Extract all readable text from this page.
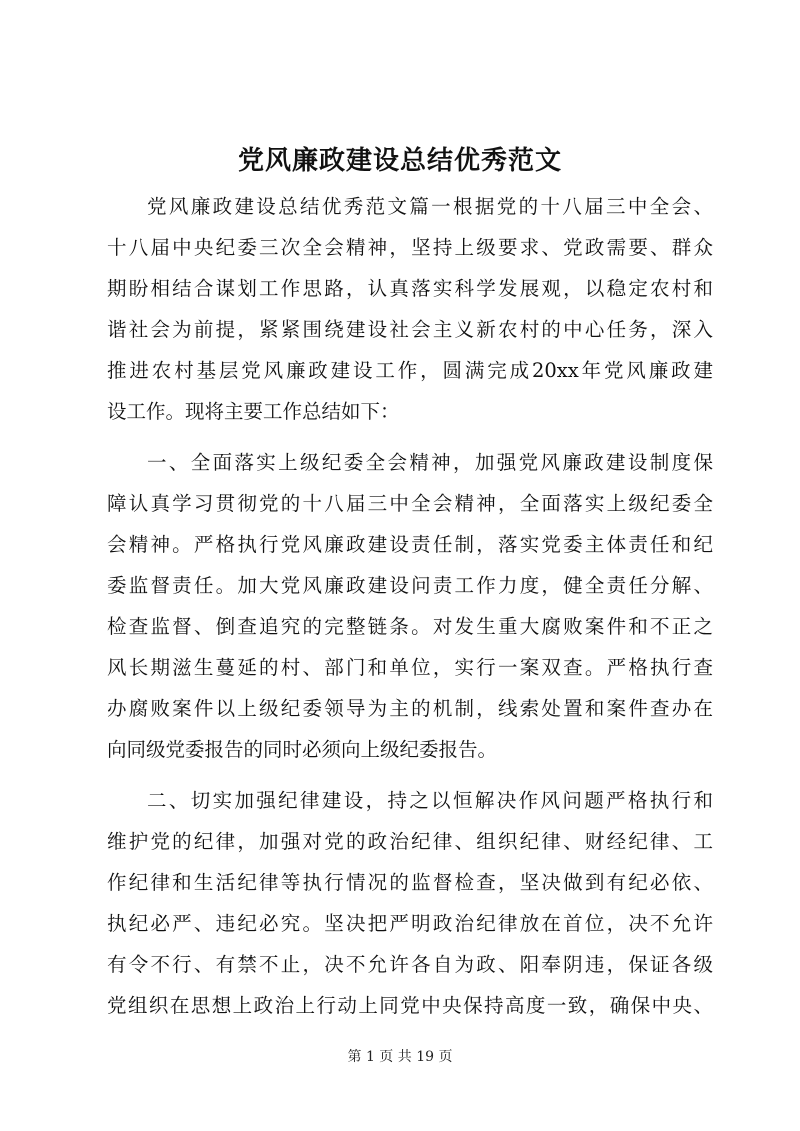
党风廉政建设总结优秀范文

党风廉政建设总结优秀范文篇一根据党的十八届三中全会、
十八届中央纪委三次全会精神，坚持上级要求、党政需要、群众
期盼相结合谋划工作思路，认真落实科学发展观，以稳定农村和
谐社会为前提，紧紧围绕建设社会主义新农村的中心任务，深入
推进农村基层党风廉政建设工作，圆满完成20xx年党风廉政建
设工作。现将主要工作总结如下：

一、全面落实上级纪委全会精神，加强党风廉政建设制度保
障认真学习贯彻党的十八届三中全会精神，全面落实上级纪委全
会精神。严格执行党风廉政建设责任制，落实党委主体责任和纪
委监督责任。加大党风廉政建设问责工作力度，健全责任分解、
检查监督、倒查追究的完整链条。对发生重大腐败案件和不正之
风长期滋生蔓延的村、部门和单位，实行一案双查。严格执行查
办腐败案件以上级纪委领导为主的机制，线索处置和案件查办在
向同级党委报告的同时必须向上级纪委报告。

二、切实加强纪律建设，持之以恒解决作风问题严格执行和
维护党的纪律，加强对党的政治纪律、组织纪律、财经纪律、工
作纪律和生活纪律等执行情况的监督检查，坚决做到有纪必依、
执纪必严、违纪必究。坚决把严明政治纪律放在首位，决不允许
有令不行、有禁不止，决不允许各自为政、阳奉阴违，保证各级
党组织在思想上政治上行动上同党中央保持高度一致，确保中央、

第 1 页 共 19 页
